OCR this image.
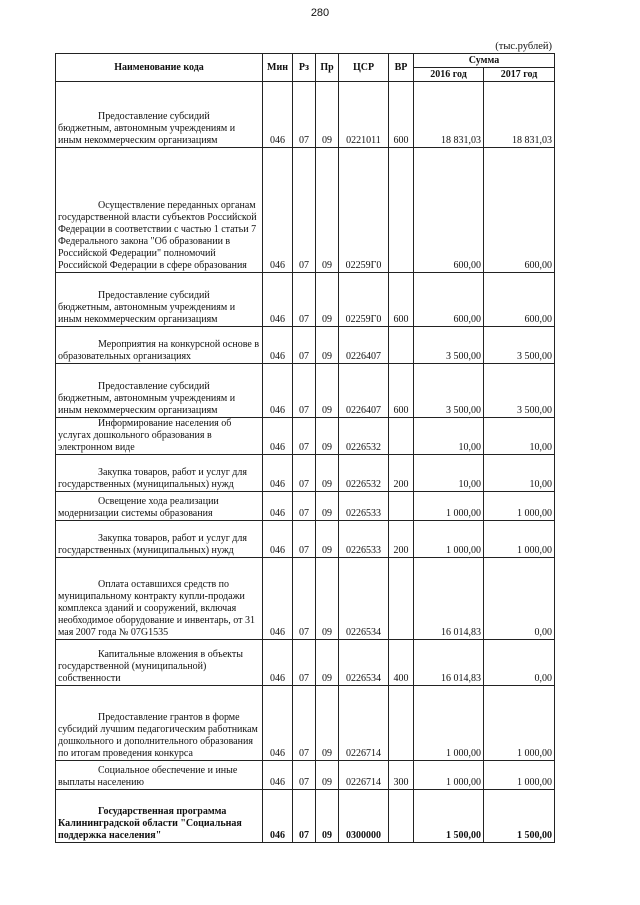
280
(тыс.рублей)
Наименование кода	Мин	Рз	Пр	ЦСР	ВР	Сумма	
						2016 год	2017 год
Предоставление субсидий бюджетным, автономным учреждениям и иным некоммерческим организациям	046	07	09	0221011	600	18 831,03	18 831,03
Осуществление переданных органам государственной власти субъектов Российской Федерации в соответствии с частью 1 статьи 7 Федерального закона "Об образовании в Российской Федерации" полномочий Российской Федерации в сфере образования	046	07	09	02259Г0		600,00	600,00
Предоставление субсидий бюджетным, автономным учреждениям и иным некоммерческим организациям	046	07	09	02259Г0	600	600,00	600,00
Мероприятия на конкурсной основе в образовательных организациях	046	07	09	0226407		3 500,00	3 500,00
Предоставление субсидий бюджетным, автономным учреждениям и иным некоммерческим организациям	046	07	09	0226407	600	3 500,00	3 500,00
Информирование населения об услугах дошкольного образования в электронном виде	046	07	09	0226532		10,00	10,00
Закупка товаров, работ и услуг для государственных (муниципальных) нужд	046	07	09	0226532	200	10,00	10,00
Освещение хода реализации модернизации системы образования	046	07	09	0226533		1 000,00	1 000,00
Закупка товаров, работ и услуг для государственных (муниципальных) нужд	046	07	09	0226533	200	1 000,00	1 000,00
Оплата оставшихся средств по муниципальному контракту купли-продажи комплекса зданий и сооружений, включая необходимое оборудование и инвентарь, от 31 мая 2007 года № 07G1535	046	07	09	0226534		16 014,83	0,00
Капитальные вложения в объекты государственной (муниципальной) собственности	046	07	09	0226534	400	16 014,83	0,00
Предоставление грантов в форме субсидий лучшим педагогическим работникам дошкольного и дополнительного образования по итогам проведения конкурса	046	07	09	0226714		1 000,00	1 000,00
Социальное обеспечение и иные выплаты населению	046	07	09	0226714	300	1 000,00	1 000,00
Государственная программа Калининградской области "Социальная поддержка населения"	046	07	09	0300000		1 500,00	1 500,00
